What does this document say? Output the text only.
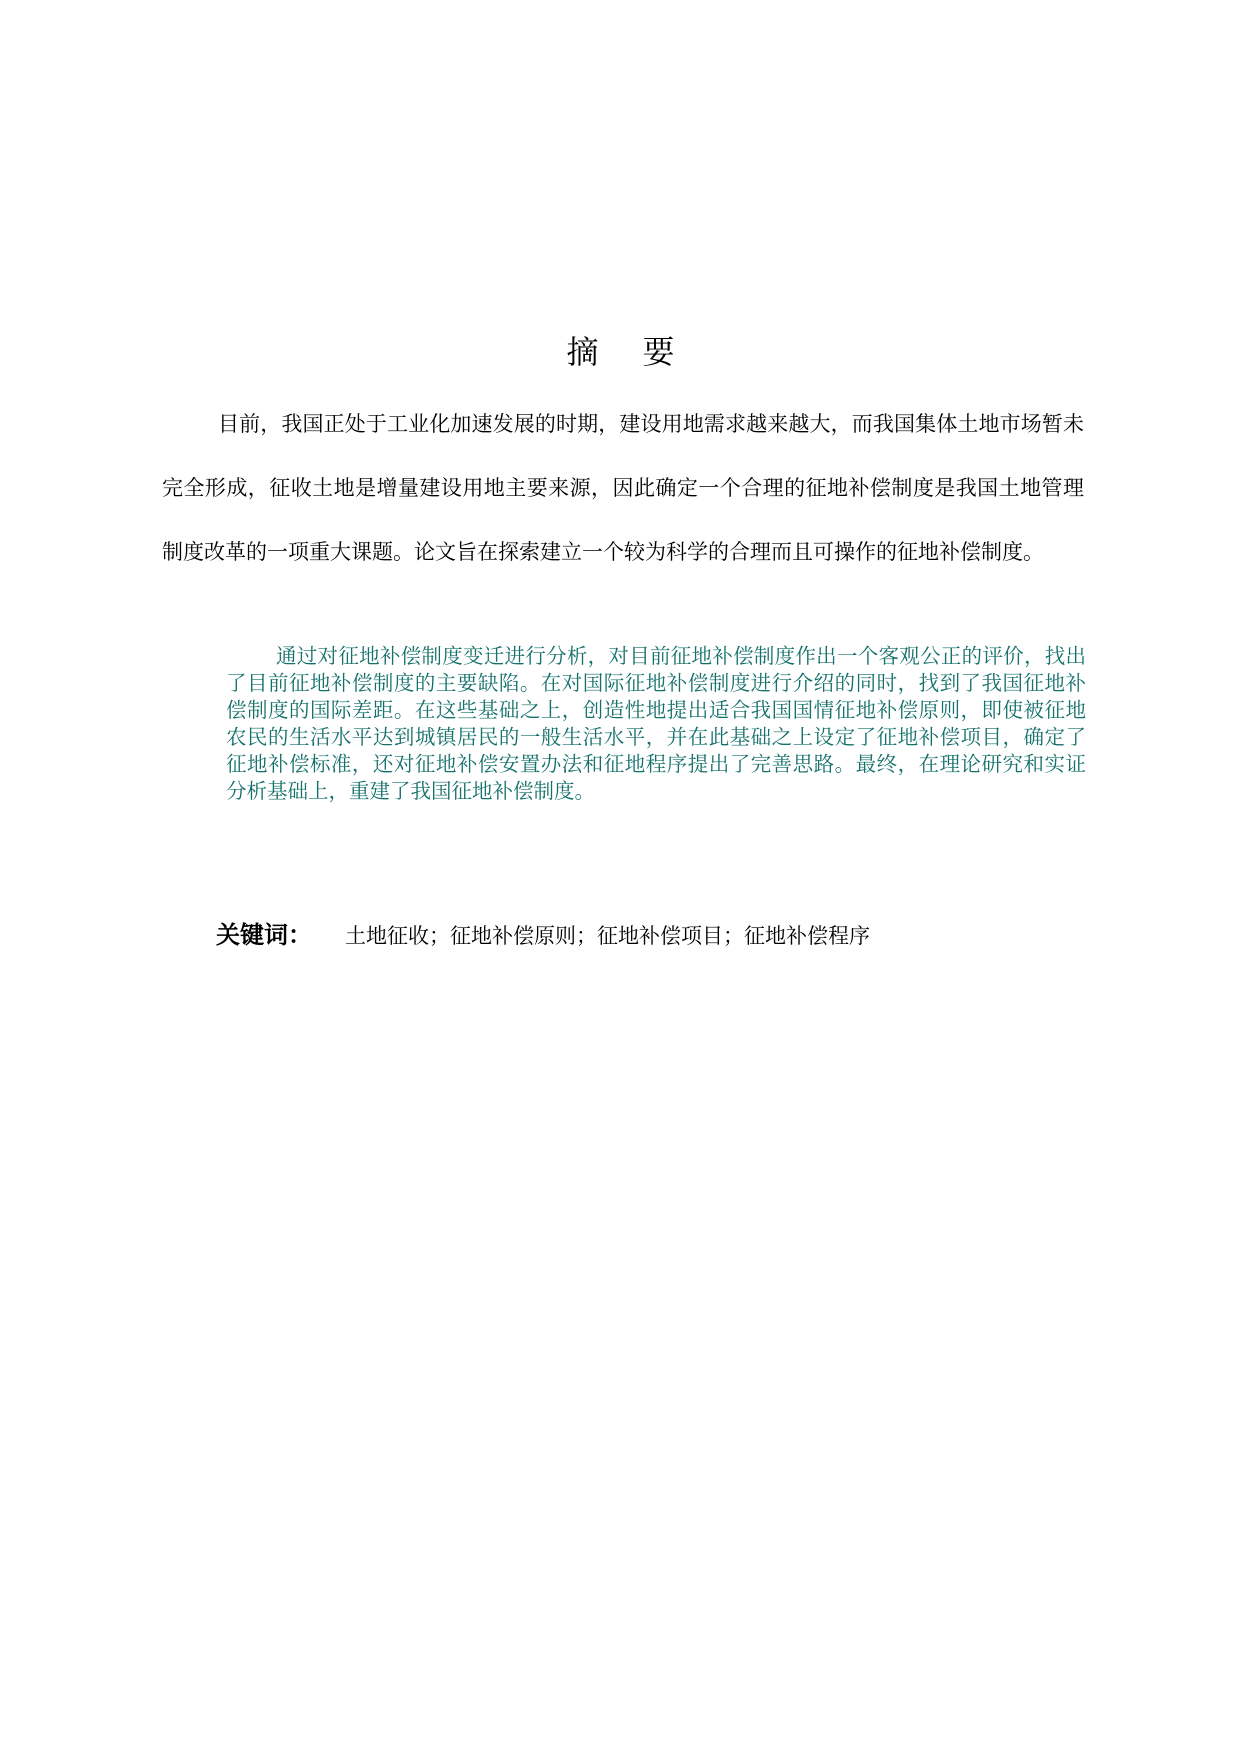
摘要
目前，我国正处于工业化加速发展的时期，建设用地需求越来越大，而我国集体土地市场暂未完全形成，征收土地是增量建设用地主要来源，因此确定一个合理的征地补偿制度是我国土地管理制度改革的一项重大课题。论文旨在探索建立一个较为科学的合理而且可操作的征地补偿制度。
通过对征地补偿制度变迁进行分析，对目前征地补偿制度作出一个客观公正的评价，找出了目前征地补偿制度的主要缺陷。在对国际征地补偿制度进行介绍的同时，找到了我国征地补偿制度的国际差距。在这些基础之上，创造性地提出适合我国国情征地补偿原则，即使被征地农民的生活水平达到城镇居民的一般生活水平，并在此基础之上设定了征地补偿项目，确定了征地补偿标准，还对征地补偿安置办法和征地程序提出了完善思路。最终，在理论研究和实证分析基础上，重建了我国征地补偿制度。
关键词： 土地征收；征地补偿原则；征地补偿项目；征地补偿程序
